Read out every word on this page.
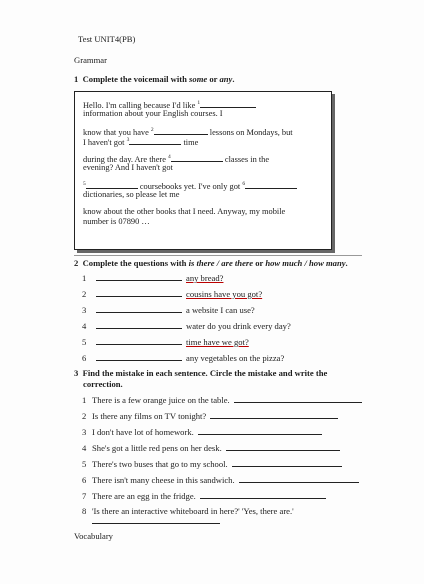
Test UNIT4(PB)
Grammar
1 Complete the voicemail with some or any.
Hello. I'm calling because I'd like $^1$
information about your English courses. I
know that you have $^2$	lessons on Mondays, but
I haven't got $^3$	time
during the day. Are there $^4$	classes in the
evening? And I haven't got
$^5$	coursebooks yet. I've only got $^6$
dictionaries, so please let me
know about the other books that I need. Anyway, my mobile
number is 07890 …
2 Complete the questions with is there / are there or how much / how many.
1	any bread?
2	cousins have you got?
3	a website I can use?
4	water do you drink every day?
5	time have we got?
6	any vegetables on the pizza?
3 Find the mistake in each sentence. Circle the mistake and write the
correction.
1 There is a few orange juice on the table.
2 Is there any films on TV tonight?
3 I don't have lot of homework.
4 She's got a little red pens on her desk.
5 There's two buses that go to my school.
6 There isn't many cheese in this sandwich.
7 There are an egg in the fridge.
8 'Is there an interactive whiteboard in here?' 'Yes, there are.'
Vocabulary
